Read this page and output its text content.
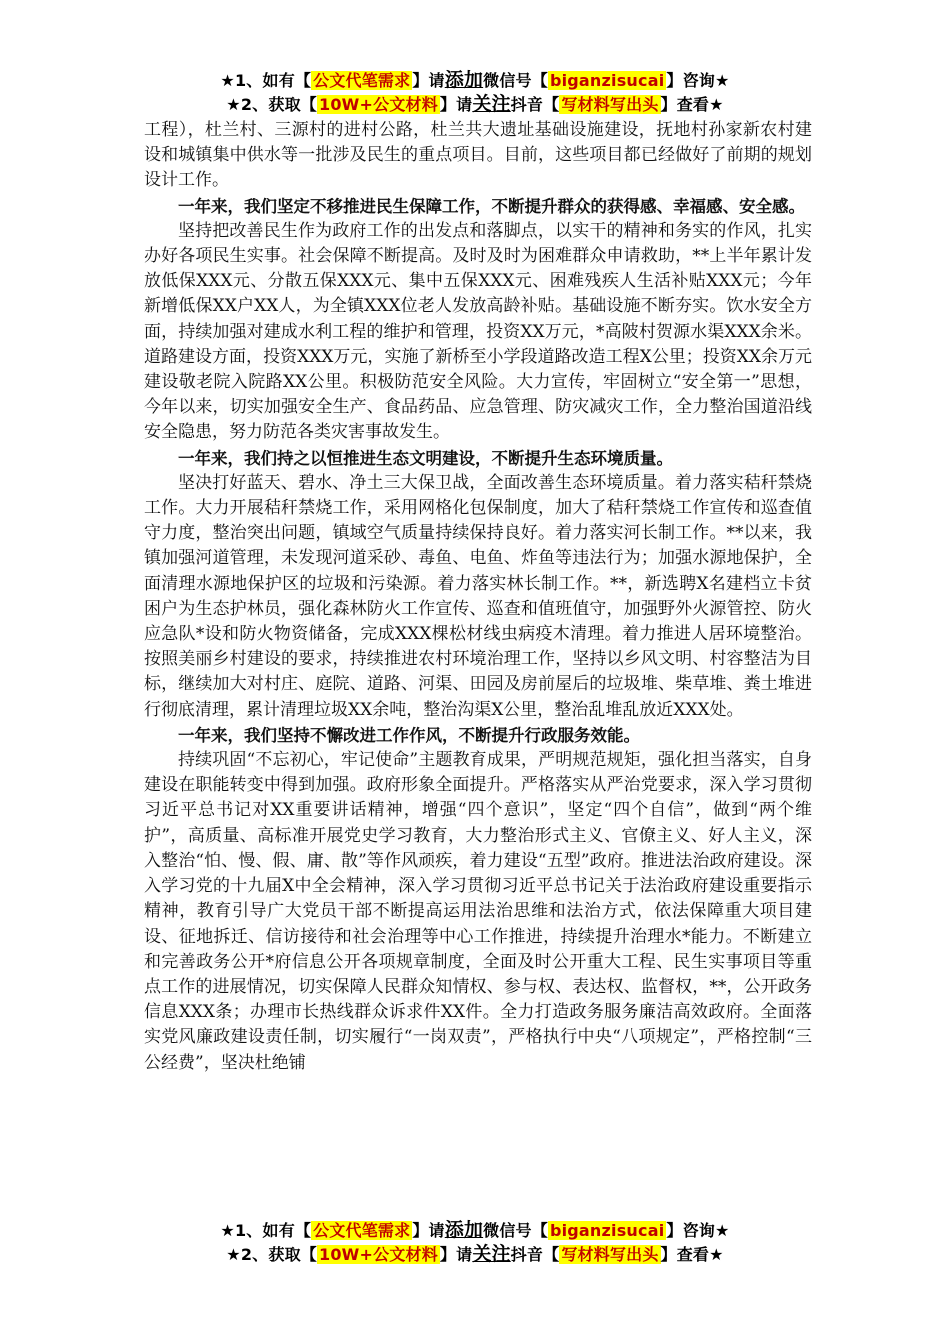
★1、如有【 公文代笔需求 】请添加微信号【 biganzisucai 】咨询★
★2、获取【 10W+公文材料 】请关注抖音【 写材料写出头 】查看★

工程），杜兰村、三源村的进村公路，杜兰共大遗址基础设施建设，抚地村孙家新农村建设和城镇集中供水等一批涉及民生的重点项目。目前，这些项目都已经做好了前期的规划设计工作。

一年来，我们坚定不移推进民生保障工作，不断提升群众的获得感、幸福感、安全感。

坚持把改善民生作为政府工作的出发点和落脚点，以实干的精神和务实的作风，扎实办好各项民生实事。社会保障不断提高。及时及时为困难群众申请救助，**上半年累计发放低保XXX元、分散五保XXX元、集中五保XXX元、困难残疾人生活补贴XXX元；今年新增低保XX户XX人，为全镇XXX位老人发放高龄补贴。基础设施不断夯实。饮水安全方面，持续加强对建成水利工程的维护和管理，投资XX万元，*高陂村贺源水渠XXX余米。道路建设方面，投资XXX万元，实施了新桥至小学段道路改造工程X公里；投资XX余万元建设敬老院入院路XX公里。积极防范安全风险。大力宣传，牢固树立“安全第一”思想，今年以来，切实加强安全生产、食品药品、应急管理、防灾减灾工作，全力整治国道沿线安全隐患，努力防范各类灾害事故发生。

一年来，我们持之以恒推进生态文明建设，不断提升生态环境质量。

坚决打好蓝天、碧水、净土三大保卫战，全面改善生态环境质量。着力落实秸秆禁烧工作。大力开展秸秆禁烧工作，采用网格化包保制度，加大了秸秆禁烧工作宣传和巡查值守力度，整治突出问题，镇域空气质量持续保持良好。着力落实河长制工作。**以来，我镇加强河道管理，未发现河道采砂、毒鱼、电鱼、炸鱼等违法行为；加强水源地保护，全面清理水源地保护区的垃圾和污染源。着力落实林长制工作。**，新选聘X名建档立卡贫困户为生态护林员，强化森林防火工作宣传、巡查和值班值守，加强野外火源管控、防火应急队*设和防火物资储备，完成XXX棵松材线虫病疫木清理。着力推进人居环境整治。按照美丽乡村建设的要求，持续推进农村环境治理工作，坚持以乡风文明、村容整洁为目标，继续加大对村庄、庭院、道路、河渠、田园及房前屋后的垃圾堆、柴草堆、粪土堆进行彻底清理，累计清理垃圾XX余吨，整治沟渠X公里，整治乱堆乱放近XXX处。

一年来，我们坚持不懈改进工作作风，不断提升行政服务效能。

持续巩固“不忘初心，牢记使命”主题教育成果，严明规范规矩，强化担当落实，自身建设在职能转变中得到加强。政府形象全面提升。严格落实从严治党要求，深入学习贯彻习近平总书记对XX重要讲话精神，增强“四个意识”，坚定“四个自信”，做到“两个维护”，高质量、高标准开展党史学习教育，大力整治形式主义、官僚主义、好人主义，深入整治“怕、慢、假、庸、散”等作风顽疾，着力建设“五型”政府。推进法治政府建设。深入学习党的十九届X中全会精神，深入学习贯彻习近平总书记关于法治政府建设重要指示精神，教育引导广大党员干部不断提高运用法治思维和法治方式，依法保障重大项目建设、征地拆迁、信访接待和社会治理等中心工作推进，持续提升治理水*能力。不断建立和完善政务公开*府信息公开各项规章制度，全面及时公开重大工程、民生实事项目等重点工作的进展情况，切实保障人民群众知情权、参与权、表达权、监督权，**，公开政务信息XXX条；办理市长热线群众诉求件XX件。全力打造政务服务廉洁高效政府。全面落实党风廉政建设责任制，切实履行“一岗双责”，严格执行中央“八项规定”，严格控制“三公经费”，坚决杜绝铺

★1、如有【 公文代笔需求 】请添加微信号【 biganzisucai 】咨询★
★2、获取【 10W+公文材料 】请关注抖音【 写材料写出头 】查看★
